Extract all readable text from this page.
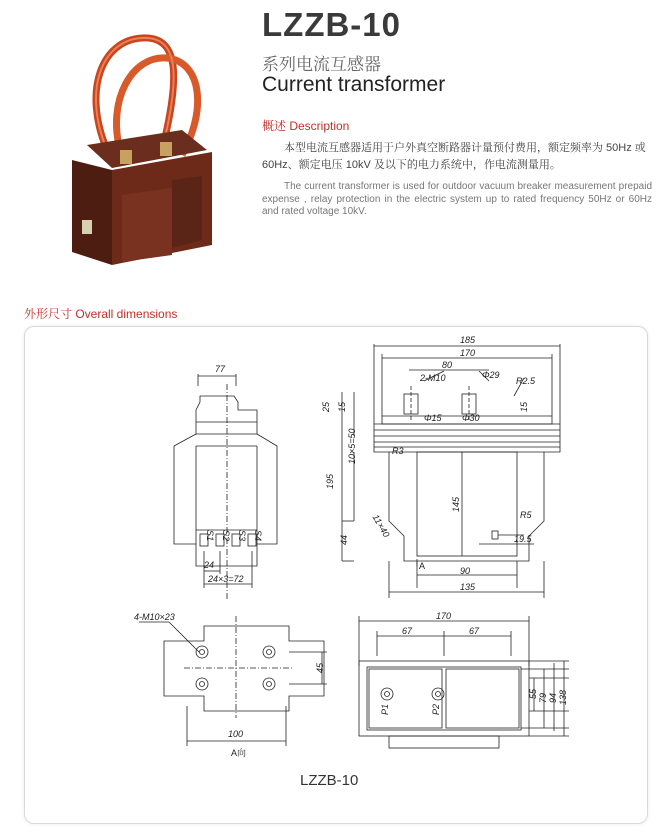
LZZB-10
系列电流互感器
Current transformer
概述 Description
本型电流互感器适用于户外真空断路器计量预付费用，额定频率为 50Hz 或 60Hz、额定电压 10kV 及以下的电力系统中，作电流测量用。
The current transformer is used for outdoor vacuum breaker measurement prepaid expense , relay protection in the electric system up to rated frequency 50Hz or 60Hz and rated voltage 10kV.
外形尺寸 Overall dimensions
77
S1 S2 S3 S4
24
24×3=72
185
170
80
2-M10	Φ29
R2.5
Φ15 Φ30
25 15	15
10×5=50	R3
195
145
R5
44
11×40
19.5
A	90
135
4-M10×23
45
100
A向
170
67	67
55 79 94 138
P1	P2
LZZB-10
